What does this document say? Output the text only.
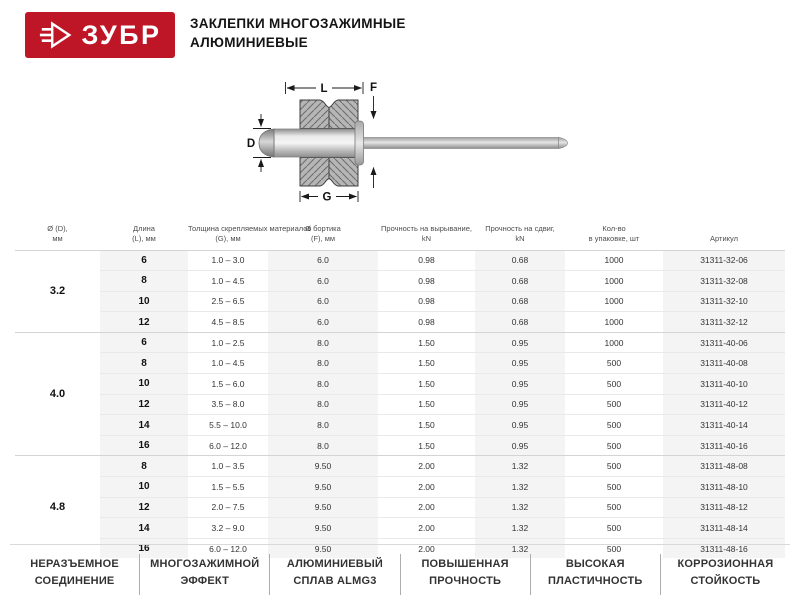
ЗУБР ЗАКЛЕПКИ МНОГОЗАЖИМНЫЕ
АЛЮМИНИЕВЫЕ
L	F
D
G
Ø (D),
мм

Длина
(L), мм

Толщина скрепляемых материалов
(G), мм

Ø бортика
(F), мм

Прочность на вырывание,
kN

Прочность на сдвиг,
kN

Кол-во
в упаковке, шт	Артикул

3.2	6	1.0 – 3.0	6.0	0.98	0.68	1000	31311-32-06
	8	1.0 – 4.5	6.0	0.98	0.68	1000	31311-32-08
	10	2.5 – 6.5	6.0	0.98	0.68	1000	31311-32-10
	12	4.5 – 8.5	6.0	0.98	0.68	1000	31311-32-12
4.0	6	1.0 – 2.5	8.0	1.50	0.95	1000	31311-40-06
	8	1.0 – 4.5	8.0	1.50	0.95	500	31311-40-08
	10	1.5 – 6.0	8.0	1.50	0.95	500	31311-40-10
	12	3.5 – 8.0	8.0	1.50	0.95	500	31311-40-12
	14	5.5 – 10.0	8.0	1.50	0.95	500	31311-40-14
	16	6.0 – 12.0	8.0	1.50	0.95	500	31311-40-16
4.8	8	1.0 – 3.5	9.50	2.00	1.32	500	31311-48-08
	10	1.5 – 5.5	9.50	2.00	1.32	500	31311-48-10
	12	2.0 – 7.5	9.50	2.00	1.32	500	31311-48-12
	14	3.2 – 9.0	9.50	2.00	1.32	500	31311-48-14
	16	6.0 – 12.0	9.50	2.00	1.32	500	31311-48-16
НЕРАЗЪЕМНОЕ
СОЕДИНЕНИЕ
МНОГОЗАЖИМНОЙ
ЭФФЕКТ
АЛЮМИНИЕВЫЙ
СПЛАВ ALMG3
ПОВЫШЕННАЯ
ПРОЧНОСТЬ
ВЫСОКАЯ
ПЛАСТИЧНОСТЬ
КОРРОЗИОННАЯ
СТОЙКОСТЬ
